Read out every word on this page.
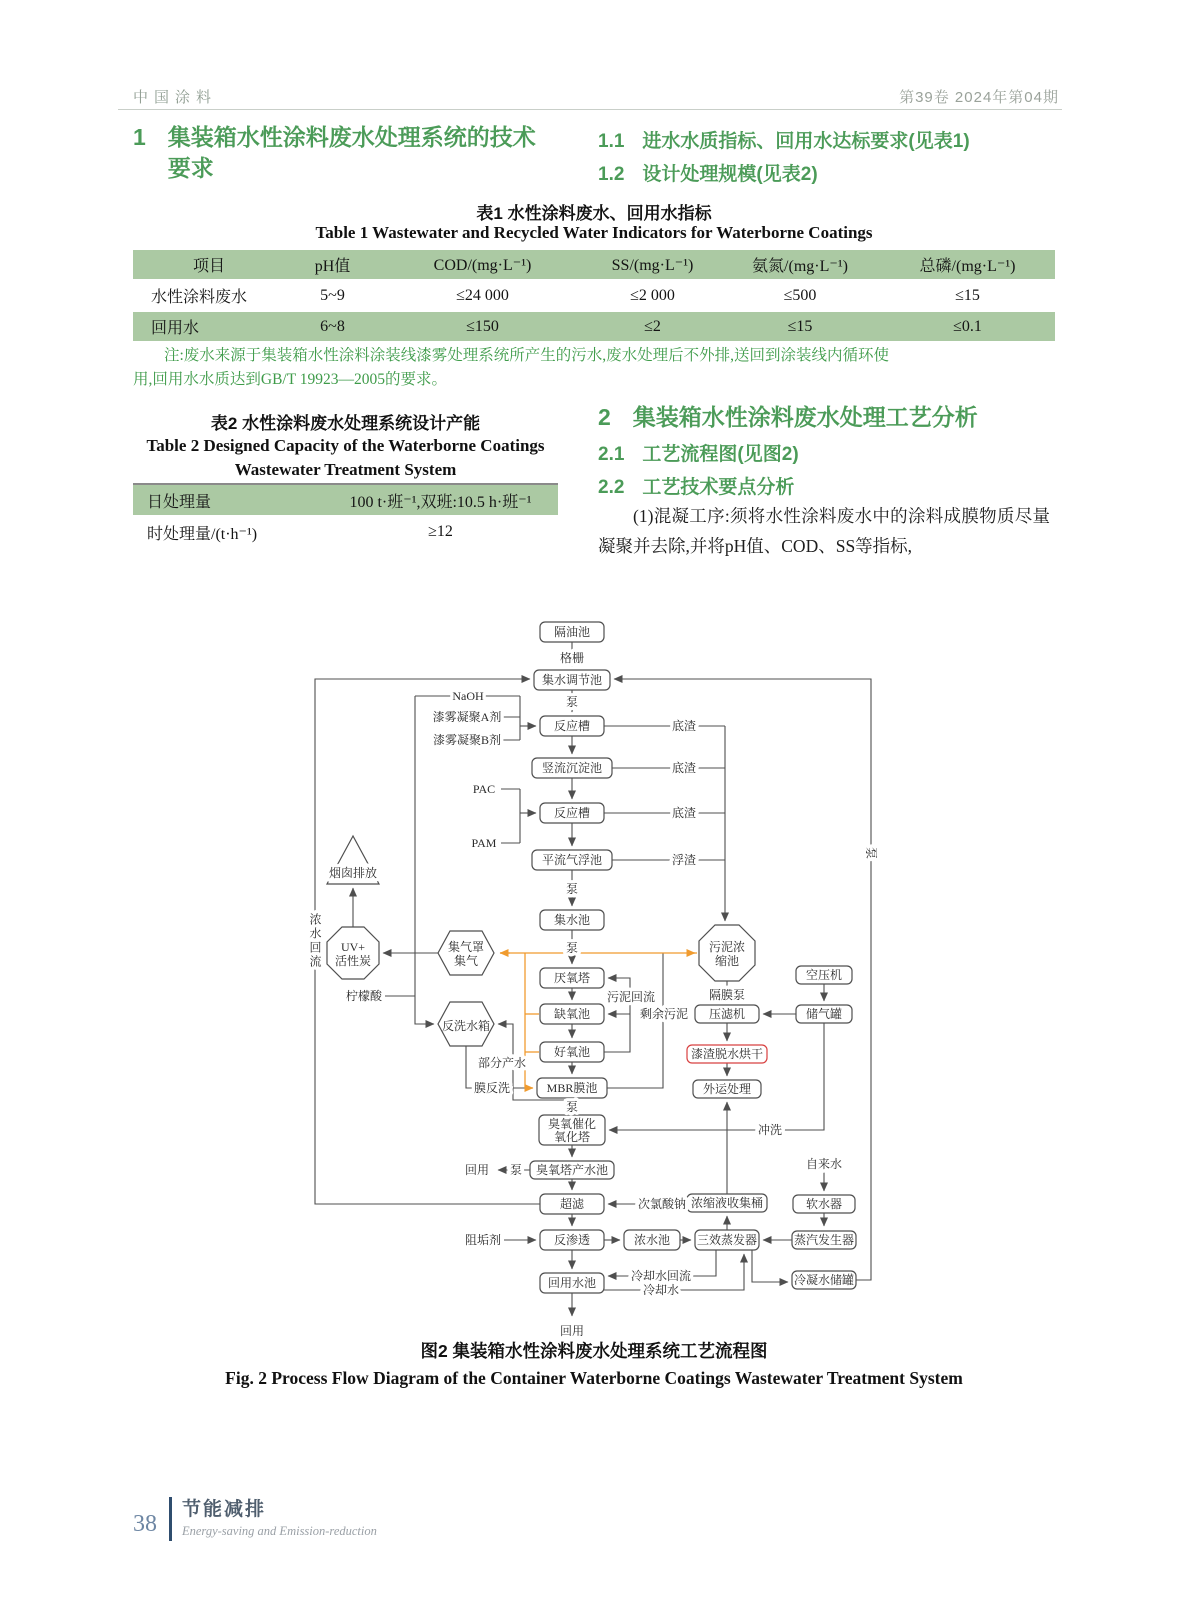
中国涂料	第39卷 2024年第04期
1 集装箱水性涂料废水处理系统的技术要求
1.1 进水水质指标、回用水达标要求(见表1)
1.2 设计处理规模(见表2)
表1 水性涂料废水、回用水指标
Table 1 Wastewater and Recycled Water Indicators for Waterborne Coatings
项目	pH值	COD/(mg·L⁻¹)	SS/(mg·L⁻¹)	氨氮/(mg·L⁻¹)	总磷/(mg·L⁻¹)
水性涂料废水	5~9	≤24 000	≤2 000	≤500	≤15
回用水	6~8	≤150	≤2	≤15	≤0.1
注:废水来源于集装箱水性涂料涂装线漆雾处理系统所产生的污水,废水处理后不外排,送回到涂装线内循环使
用,回用水水质达到GB/T 19923—2005的要求。
表2 水性涂料废水处理系统设计产能
Table 2 Designed Capacity of the Waterborne Coatings
Wastewater Treatment System
日处理量	100 t·班⁻¹,双班:10.5 h·班⁻¹
时处理量/(t·h⁻¹)	≥12
2 集装箱水性涂料废水处理工艺分析
2.1 工艺流程图(见图2)
2.2 工艺技术要点分析
(1)混凝工序:须将水性涂料废水中的涂料成膜物质尽量凝聚并去除,并将pH值、COD、SS等指标,
隔油池
集水调节池
反应槽
竖流沉淀池
反应槽
平流气浮池
集水池
厌氧塔
缺氧池
好氧池
MBR膜池
臭氧催化
氧化塔
臭氧塔产水池
超滤
反渗透
回用水池
污泥浓
缩池
压滤机
漆渣脱水烘干
外运处理
浓缩液收集桶
浓水池 三效蒸发器	蒸汽发生器
软水器
冷凝水储罐
空压机
储气罐
UV+
活性炭
集气罩
集气
反洗水箱
烟囱排放
格栅
泵
泵
泵
泵
泵
泵
NaOH
漆雾凝聚A剂
漆雾凝聚B剂
PAC
PAM
底渣
底渣
底渣
浮渣
隔膜泵
冲洗
自来水
次氯酸钠
阻垢剂
冷却水回流
冷却水
污泥回流
剩余污泥
柠檬酸
部分产水
膜反洗
回用
回用
浓水回流
图2 集装箱水性涂料废水处理系统工艺流程图
Fig. 2 Process Flow Diagram of the Container Waterborne Coatings Wastewater Treatment System
38
节能减排
Energy-saving and Emission-reduction
